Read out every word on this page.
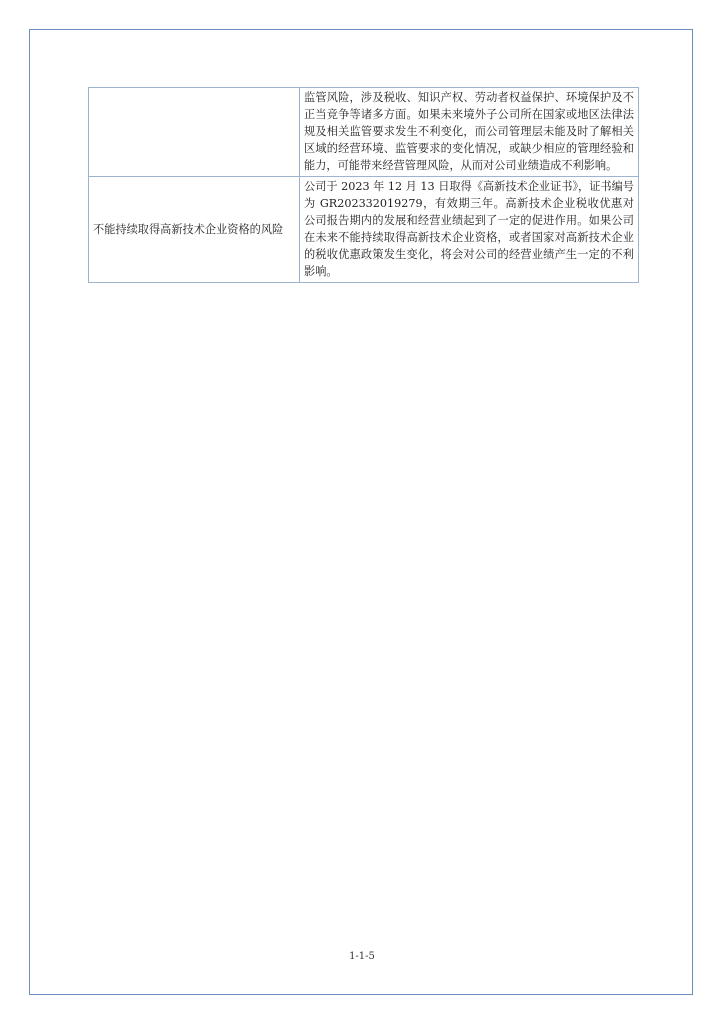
	监管风险，涉及税收、知识产权、劳动者权益保护、环境保护及不正当竞争等诸多方面。如果未来境外子公司所在国家或地区法律法规及相关监管要求发生不利变化，而公司管理层未能及时了解相关区域的经营环境、监管要求的变化情况，或缺少相应的管理经验和能力，可能带来经营管理风险，从而对公司业绩造成不利影响。
不能持续取得高新技术企业资格的风险	公司于 2023 年 12 月 13 日取得《高新技术企业证书》，证书编号为 GR202332019279，有效期三年。高新技术企业税收优惠对公司报告期内的发展和经营业绩起到了一定的促进作用。如果公司在未来不能持续取得高新技术企业资格，或者国家对高新技术企业的税收优惠政策发生变化，将会对公司的经营业绩产生一定的不利影响。
1-1-5
